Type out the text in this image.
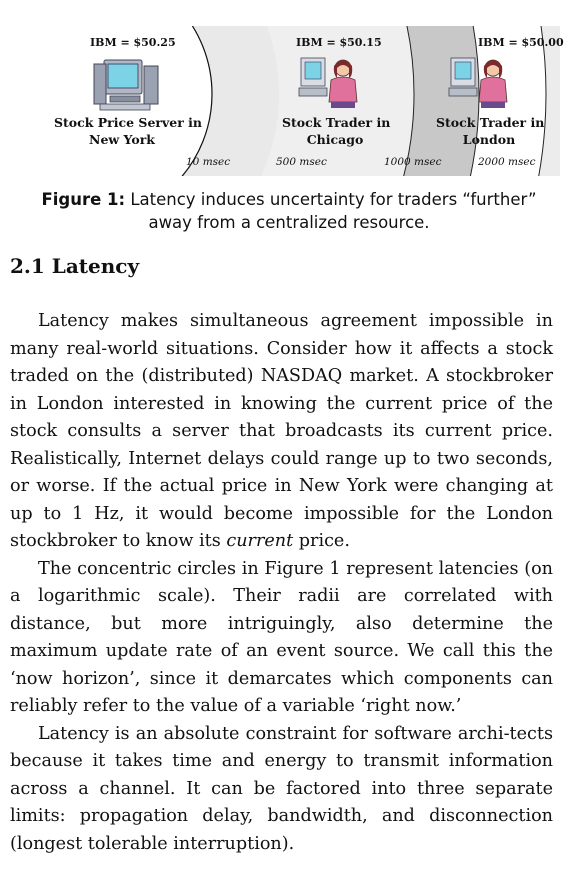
IBM = $50.25	IBM = $50.15	IBM = $50.00
Stock Price Server in
New York
Stock Trader in
Chicago
Stock Trader in
London
10 msec	500 msec	1000 msec	2000 msec
Figure 1: Latency induces uncertainty for traders “further”
away from a centralized resource.
2.1 Latency

Latency makes simultaneous agreement impossible in many real-world situations. Consider how it affects a stock traded on the (distributed) NASDAQ market. A stockbroker in London interested in knowing the current price of the stock consults a server that broadcasts its current price. Realistically, Internet delays could range up to two seconds, or worse. If the actual price in New York were changing at up to 1 Hz, it would become impossible for the London stockbroker to know its current price.

The concentric circles in Figure 1 represent latencies (on a logarithmic scale). Their radii are correlated with distance, but more intriguingly, also determine the maximum update rate of an event source. We call this the ‘now horizon’, since it demarcates which components can reliably refer to the value of a variable ‘right now.’

Latency is an absolute constraint for software archi-tects because it takes time and energy to transmit information across a channel. It can be factored into three separate limits: propagation delay, bandwidth, and disconnection (longest tolerable interruption).
